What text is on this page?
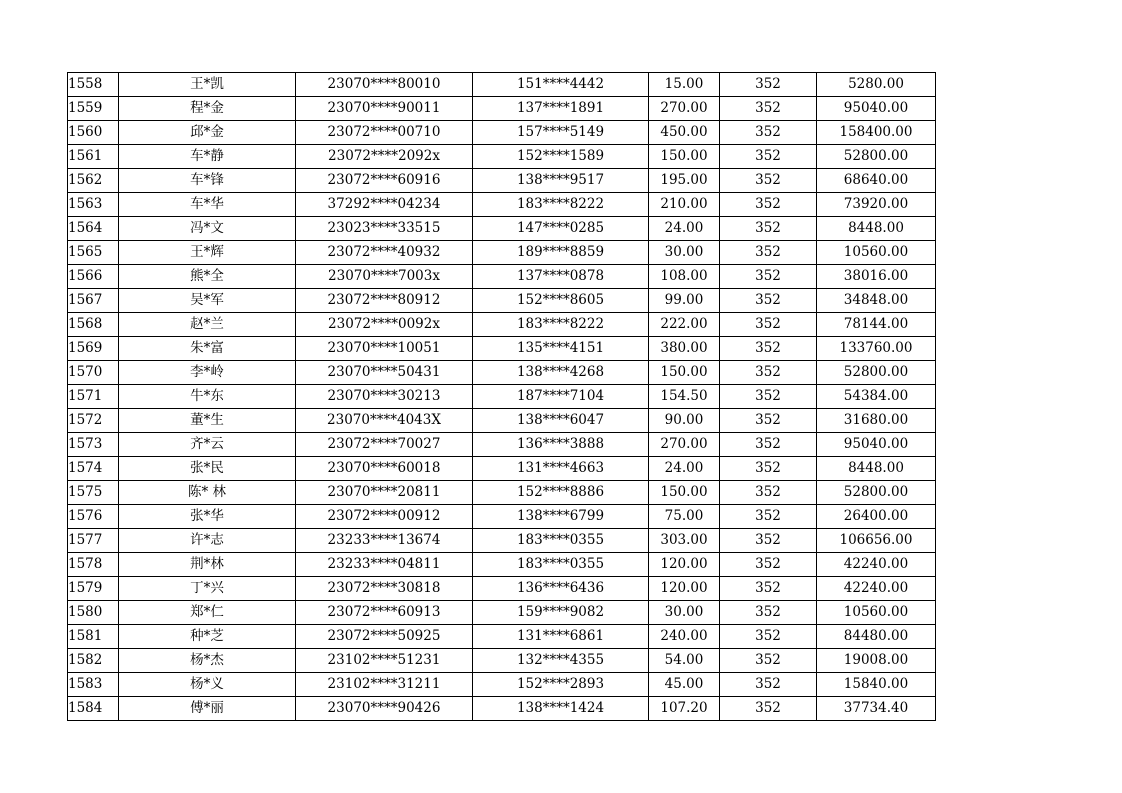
1558	王*凯	23070****80010	151****4442	15.00	352	5280.00
1559	程*金	23070****90011	137****1891	270.00	352	95040.00
1560	邱*金	23072****00710	157****5149	450.00	352	158400.00
1561	车*静	23072****2092x	152****1589	150.00	352	52800.00
1562	车*锋	23072****60916	138****9517	195.00	352	68640.00
1563	车*华	37292****04234	183****8222	210.00	352	73920.00
1564	冯*文	23023****33515	147****0285	24.00	352	8448.00
1565	王*辉	23072****40932	189****8859	30.00	352	10560.00
1566	熊*全	23070****7003x	137****0878	108.00	352	38016.00
1567	吴*军	23072****80912	152****8605	99.00	352	34848.00
1568	赵*兰	23072****0092x	183****8222	222.00	352	78144.00
1569	朱*富	23070****10051	135****4151	380.00	352	133760.00
1570	李*岭	23070****50431	138****4268	150.00	352	52800.00
1571	牛*东	23070****30213	187****7104	154.50	352	54384.00
1572	董*生	23070****4043X	138****6047	90.00	352	31680.00
1573	齐*云	23072****70027	136****3888	270.00	352	95040.00
1574	张*民	23070****60018	131****4663	24.00	352	8448.00
1575	陈* 林	23070****20811	152****8886	150.00	352	52800.00
1576	张*华	23072****00912	138****6799	75.00	352	26400.00
1577	许*志	23233****13674	183****0355	303.00	352	106656.00
1578	荆*林	23233****04811	183****0355	120.00	352	42240.00
1579	丁*兴	23072****30818	136****6436	120.00	352	42240.00
1580	郑*仁	23072****60913	159****9082	30.00	352	10560.00
1581	种*芝	23072****50925	131****6861	240.00	352	84480.00
1582	杨*杰	23102****51231	132****4355	54.00	352	19008.00
1583	杨*义	23102****31211	152****2893	45.00	352	15840.00
1584	傅*丽	23070****90426	138****1424	107.20	352	37734.40
